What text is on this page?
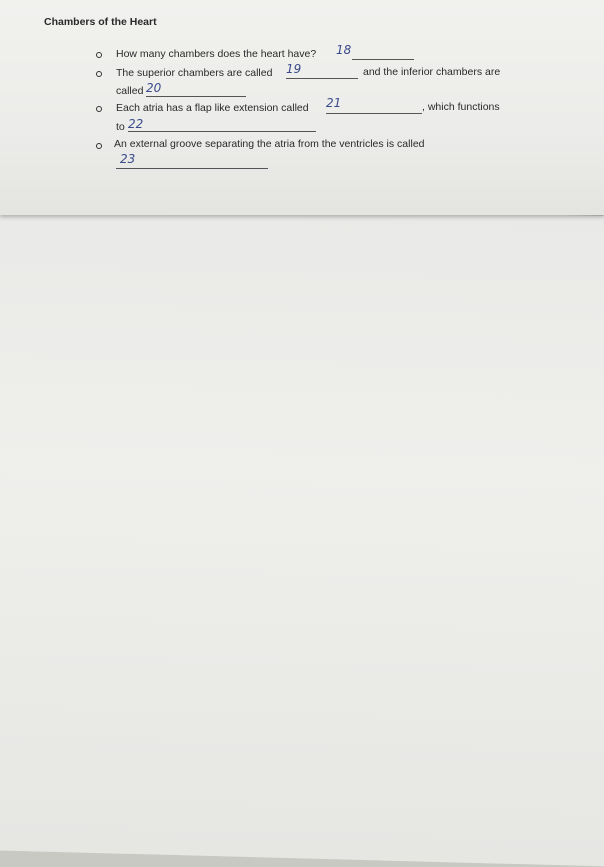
Chambers of the Heart
How many chambers does the heart have? 18
The superior chambers are called 19	and the inferior chambers are
called 20
Each atria has a flap like extension called 21	, which functions
to 22
An external groove separating the atria from the ventricles is called
23
